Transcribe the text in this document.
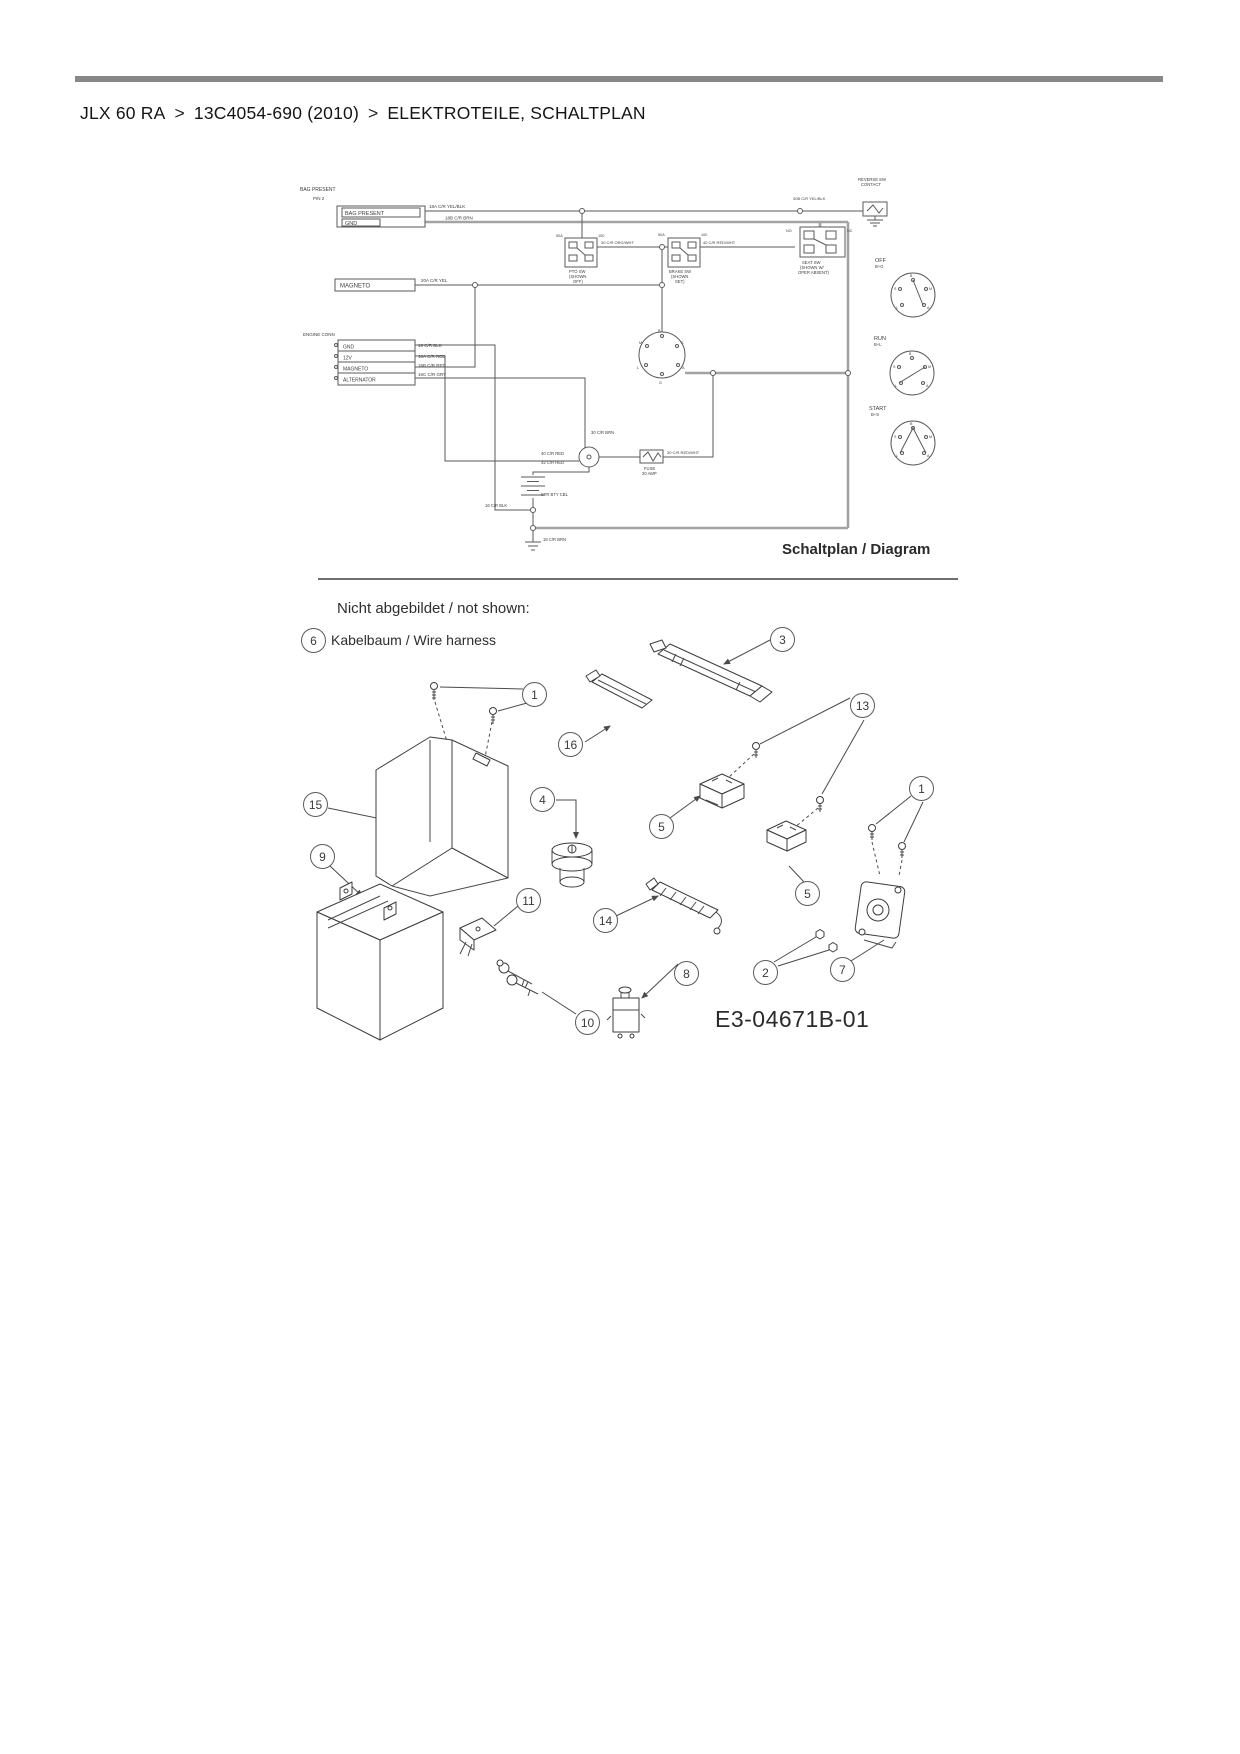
JLX 60 RA > 13C4054-690 (2010) > ELEKTROTEILE, SCHALTPLAN
BAG PRESENT
P/N 2
BAG PRESENT
GND
18A C/R YEL/BLK
18B C/R BRN
MAGNETO
20A C/R YEL
ENGINE CONN
GND
12V
MAGNETO
ALTERNATOR
16 C/R BLK
16A C/R RED
16B C/R RED
16C C/R GRY
50A	100
PTO SW
(SHOWN
OFF)
50A	100
BRAKE SW
(SHOWN
SET)
30 C/R ORG/WHT	40 C/R RED/WHT
NO	NC
SEAT SW
(SHOWN W/
OPER ABSENT)
REVERSE SW
CONTACT
30B C/R YEL/BLK
B
M	S
L	A
G
30 C/R BRN
40 C/R RED
42 C/R RED
FUSE
20 AMP
30 C/R RED/WHT
STR BTY CBL
16 C/R BLK
18 C/R BRN
OFF
B+G
B
S	M
L	A
RUN
B+L
B
S	M
L	A
START
B+S
B
S	M
L	A
Schaltplan / Diagram
Nicht abgebildet / not shown:
6 Kabelbaum / Wire harness	3
1
16
13
15	4
9
5
1
5
11
14
2	7
8
10	E3-04671B-01
